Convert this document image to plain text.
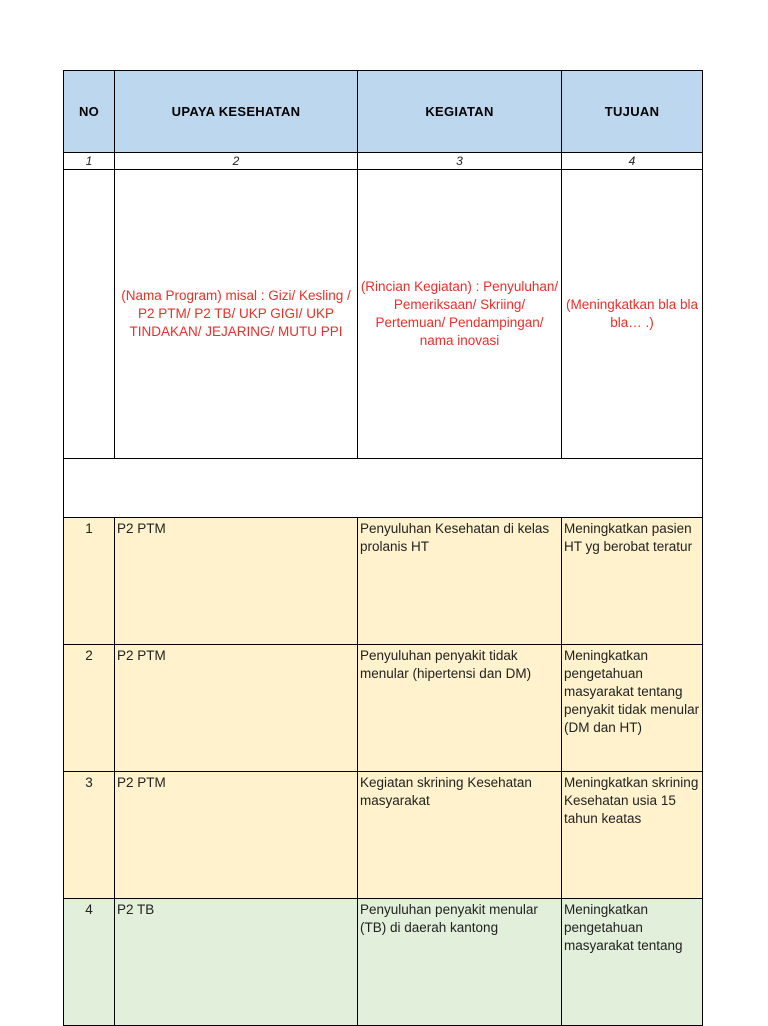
NO	UPAYA KESEHATAN	KEGIATAN	TUJUAN
1	2	3	4
	(Nama Program) misal : Gizi/ Kesling / P2 PTM/ P2 TB/ UKP GIGI/ UKP TINDAKAN/ JEJARING/ MUTU PPI	(Rincian Kegiatan) : Penyuluhan/ Pemeriksaan/ Skriing/ Pertemuan/ Pendampingan/ nama inovasi	(Meningkatkan bla bla bla… .)

1	P2 PTM	Penyuluhan Kesehatan di kelas prolanis HT	Meningkatkan pasien HT yg berobat teratur
2	P2 PTM	Penyuluhan penyakit tidak menular (hipertensi dan DM)	Meningkatkan pengetahuan masyarakat tentang penyakit tidak menular (DM dan HT)
3	P2 PTM	Kegiatan skrining Kesehatan masyarakat	Meningkatkan skrining Kesehatan usia 15 tahun keatas
4	P2 TB	Penyuluhan penyakit menular (TB) di daerah kantong	Meningkatkan pengetahuan masyarakat tentang
